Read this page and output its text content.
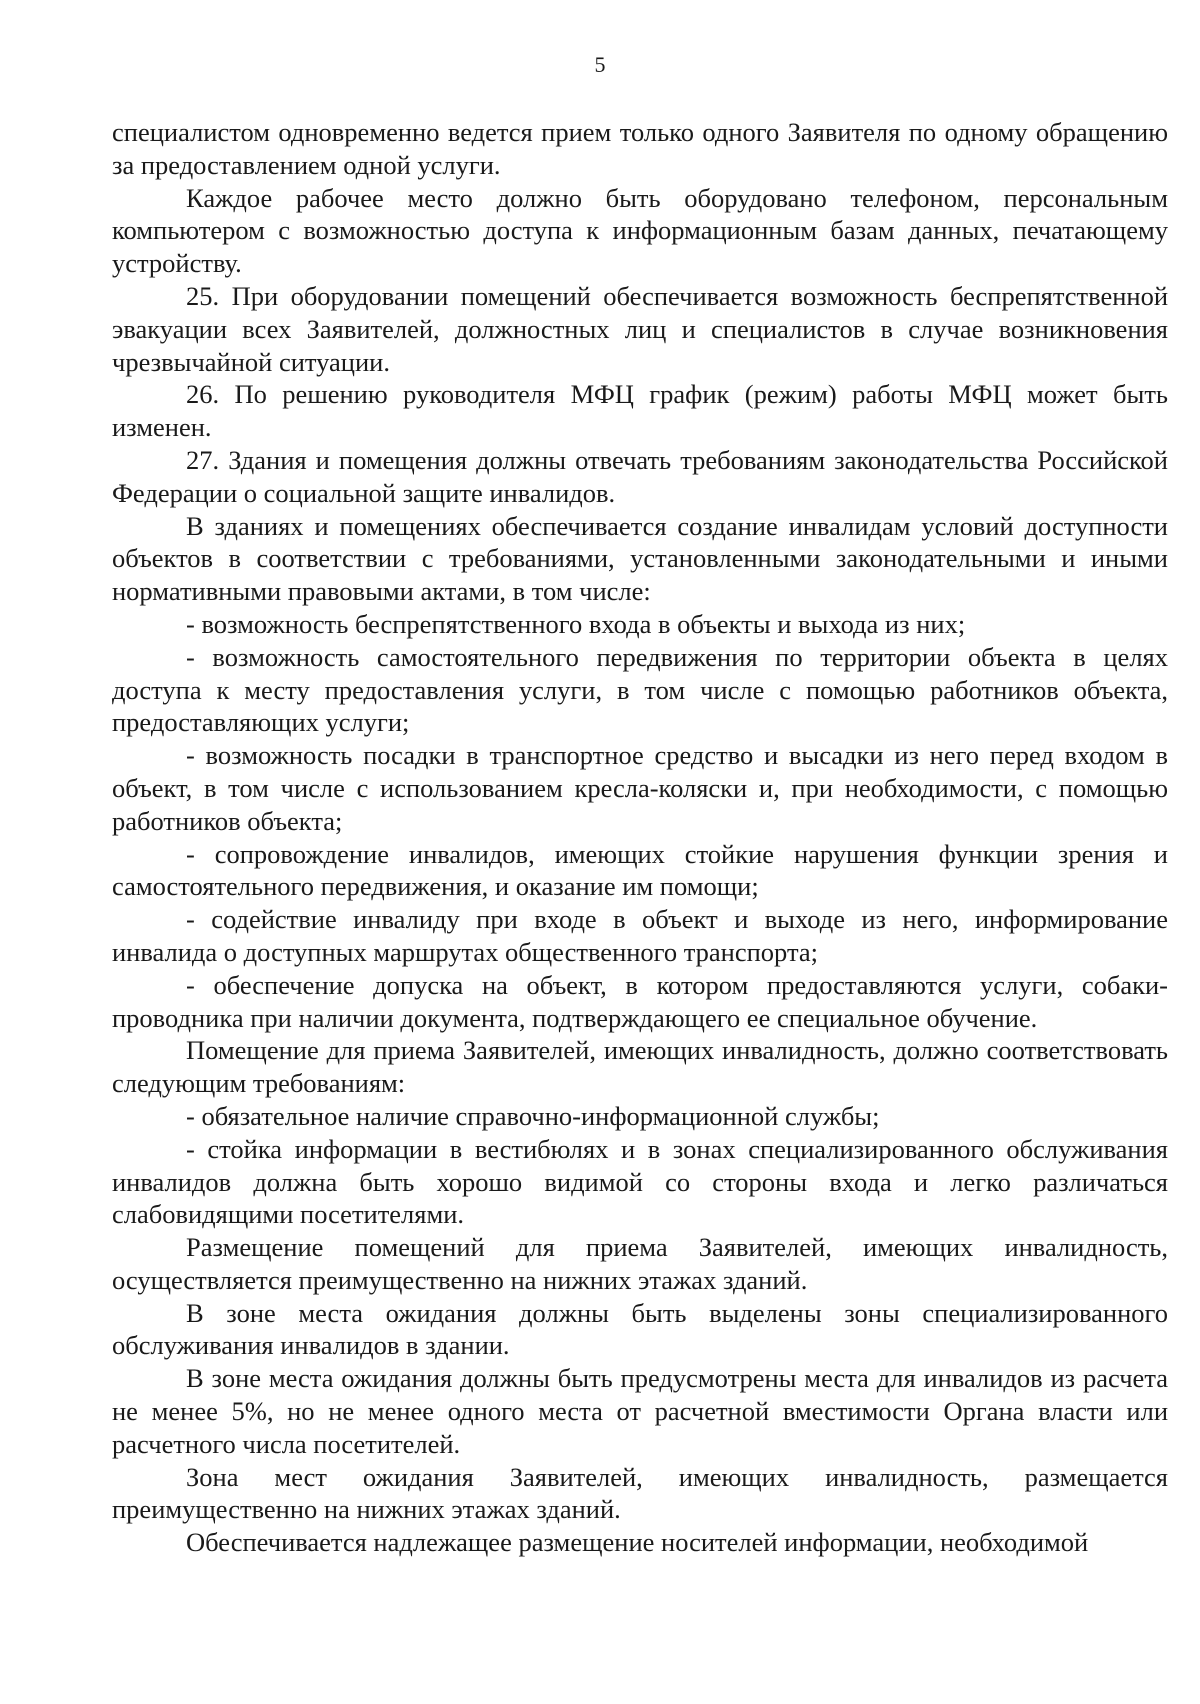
5

специалистом одновременно ведется прием только одного Заявителя по одному обращению за предоставлением одной услуги.

Каждое рабочее место должно быть оборудовано телефоном, персональным компьютером с возможностью доступа к информационным базам данных, печатающему устройству.

25. При оборудовании помещений обеспечивается возможность беспрепятственной эвакуации всех Заявителей, должностных лиц и специалистов в случае возникновения чрезвычайной ситуации.

26. По решению руководителя МФЦ график (режим) работы МФЦ может быть изменен.

27. Здания и помещения должны отвечать требованиям законодательства Российской Федерации о социальной защите инвалидов.

В зданиях и помещениях обеспечивается создание инвалидам условий доступности объектов в соответствии с требованиями, установленными законодательными и иными нормативными правовыми актами, в том числе:

- возможность беспрепятственного входа в объекты и выхода из них;

- возможность самостоятельного передвижения по территории объекта в целях доступа к месту предоставления услуги, в том числе с помощью работников объекта, предоставляющих услуги;

- возможность посадки в транспортное средство и высадки из него перед входом в объект, в том числе с использованием кресла-коляски и, при необходимости, с помощью работников объекта;

- сопровождение инвалидов, имеющих стойкие нарушения функции зрения и самостоятельного передвижения, и оказание им помощи;

- содействие инвалиду при входе в объект и выходе из него, информирование инвалида о доступных маршрутах общественного транспорта;

- обеспечение допуска на объект, в котором предоставляются услуги, собаки-проводника при наличии документа, подтверждающего ее специальное обучение.

Помещение для приема Заявителей, имеющих инвалидность, должно соответствовать следующим требованиям:

- обязательное наличие справочно-информационной службы;

- стойка информации в вестибюлях и в зонах специализированного обслуживания инвалидов должна быть хорошо видимой со стороны входа и легко различаться слабовидящими посетителями.

Размещение помещений для приема Заявителей, имеющих инвалидность, осуществляется преимущественно на нижних этажах зданий.

В зоне места ожидания должны быть выделены зоны специализированного обслуживания инвалидов в здании.

В зоне места ожидания должны быть предусмотрены места для инвалидов из расчета не менее 5%, но не менее одного места от расчетной вместимости Органа власти или расчетного числа посетителей.

Зона мест ожидания Заявителей, имеющих инвалидность, размещается преимущественно на нижних этажах зданий.

Обеспечивается надлежащее размещение носителей информации, необходимой
